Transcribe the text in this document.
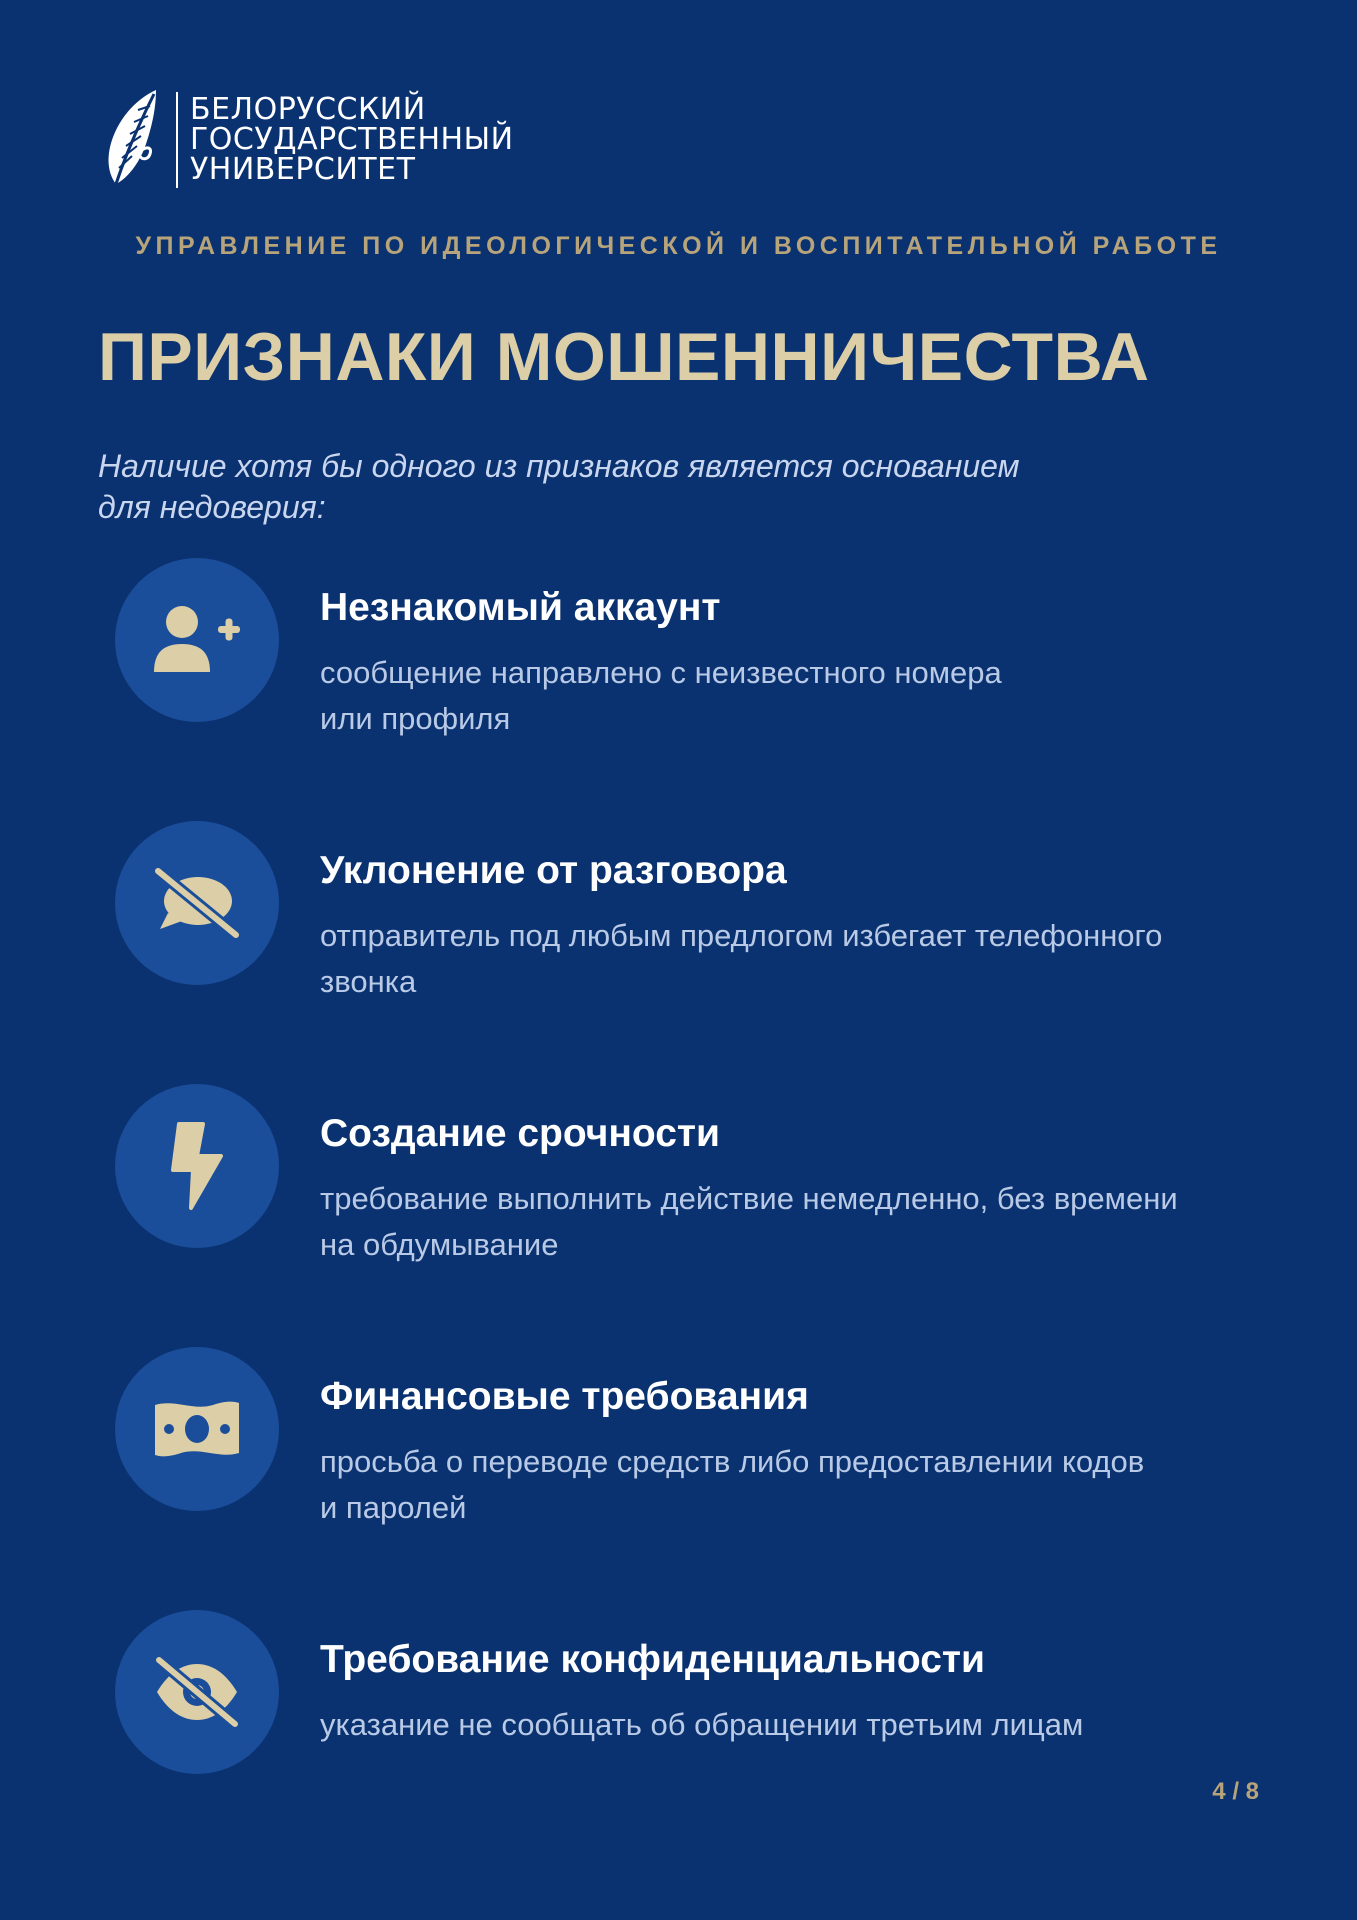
БЕЛОРУССКИЙ
ГОСУДАРСТВЕННЫЙ
УНИВЕРСИТЕТ
УПРАВЛЕНИЕ ПО ИДЕОЛОГИЧЕСКОЙ И ВОСПИТАТЕЛЬНОЙ РАБОТЕ
ПРИЗНАКИ МОШЕННИЧЕСТВА
Наличие хотя бы одного из признаков является основанием
для недоверия:
Незнакомый аккаунт
сообщение направлено с неизвестного номера
или профиля
Уклонение от разговора
отправитель под любым предлогом избегает телефонного
звонка
Создание срочности
требование выполнить действие немедленно, без времени
на обдумывание
Финансовые требования
просьба о переводе средств либо предоставлении кодов
и паролей
Требование конфиденциальности
указание не сообщать об обращении третьим лицам
4 / 8
